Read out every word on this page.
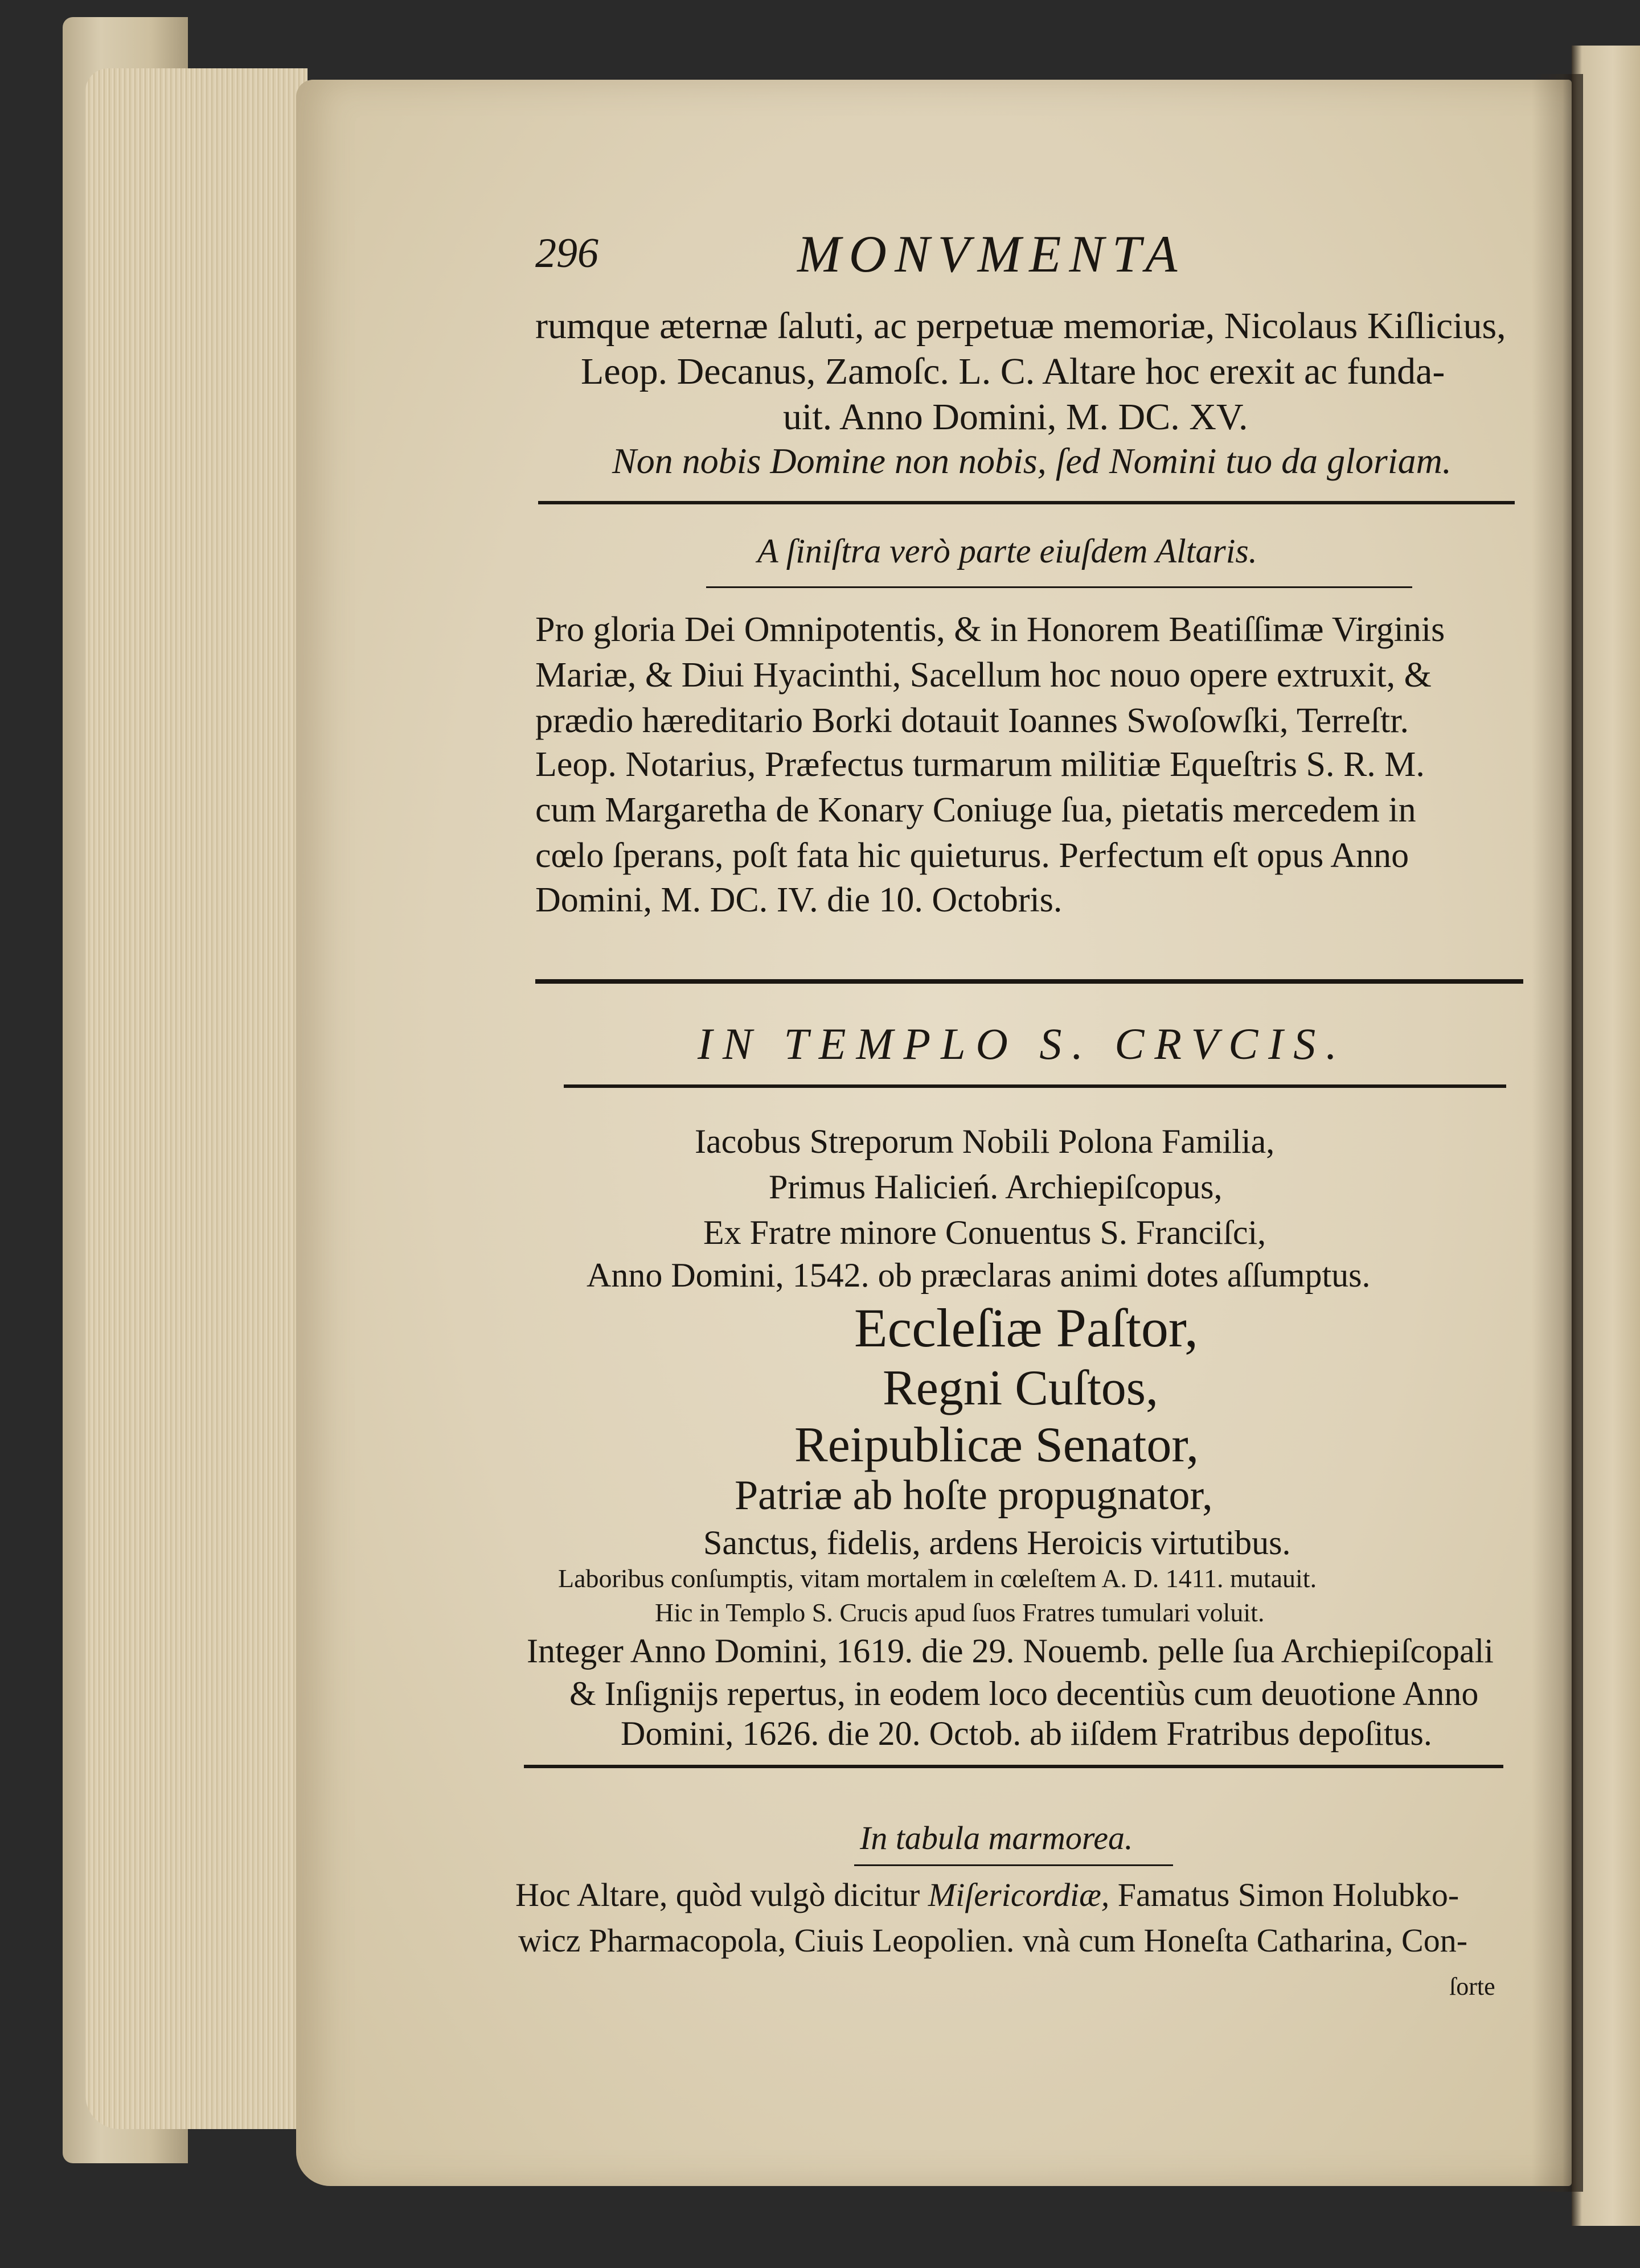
296	MONVMENTA
rumque æternæ ſaluti, ac perpetuæ memoriæ, Nicolaus Kiſlicius,
Leop. Decanus, Zamoſc. L. C. Altare hoc erexit ac funda-
uit. Anno Domini, M. DC. XV.
Non nobis Domine non nobis, ſed Nomini tuo da gloriam.
A ſiniſtra verò parte eiuſdem Altaris.
Pro gloria Dei Omnipotentis, & in Honorem Beatiſſimæ Virginis
Mariæ, & Diui Hyacinthi, Sacellum hoc nouo opere extruxit, &
prædio hæreditario Borki dotauit Ioannes Swoſowſki, Terreſtr.
Leop. Notarius, Præfectus turmarum militiæ Equeſtris S. R. M.
cum Margaretha de Konary Coniuge ſua, pietatis mercedem in
cœlo ſperans, poſt fata hic quieturus. Perfectum eſt opus Anno
Domini, M. DC. IV. die 10. Octobris.
IN TEMPLO S. CRVCIS.
Iacobus Streporum Nobili Polona Familia,
Primus Halicień. Archiepiſcopus,
Ex Fratre minore Conuentus S. Franciſci,
Anno Domini, 1542. ob præclaras animi dotes aſſumptus.
Eccleſiæ Paſtor,
Regni Cuſtos,
Reipublicæ Senator,
Patriæ ab hoſte propugnator,
Sanctus, fidelis, ardens Heroicis virtutibus.
Laboribus conſumptis, vitam mortalem in cœleſtem A. D. 1411. mutauit.
Hic in Templo S. Crucis apud ſuos Fratres tumulari voluit.
Integer Anno Domini, 1619. die 29. Nouemb. pelle ſua Archiepiſcopali
& Inſignijs repertus, in eodem loco decentiùs cum deuotione Anno
Domini, 1626. die 20. Octob. ab iiſdem Fratribus depoſitus.
In tabula marmorea.
Hoc Altare, quòd vulgò dicitur Miſericordiæ, Famatus Simon Holubko-
wicz Pharmacopola, Ciuis Leopolien. vnà cum Honeſta Catharina, Con-
ſorte
